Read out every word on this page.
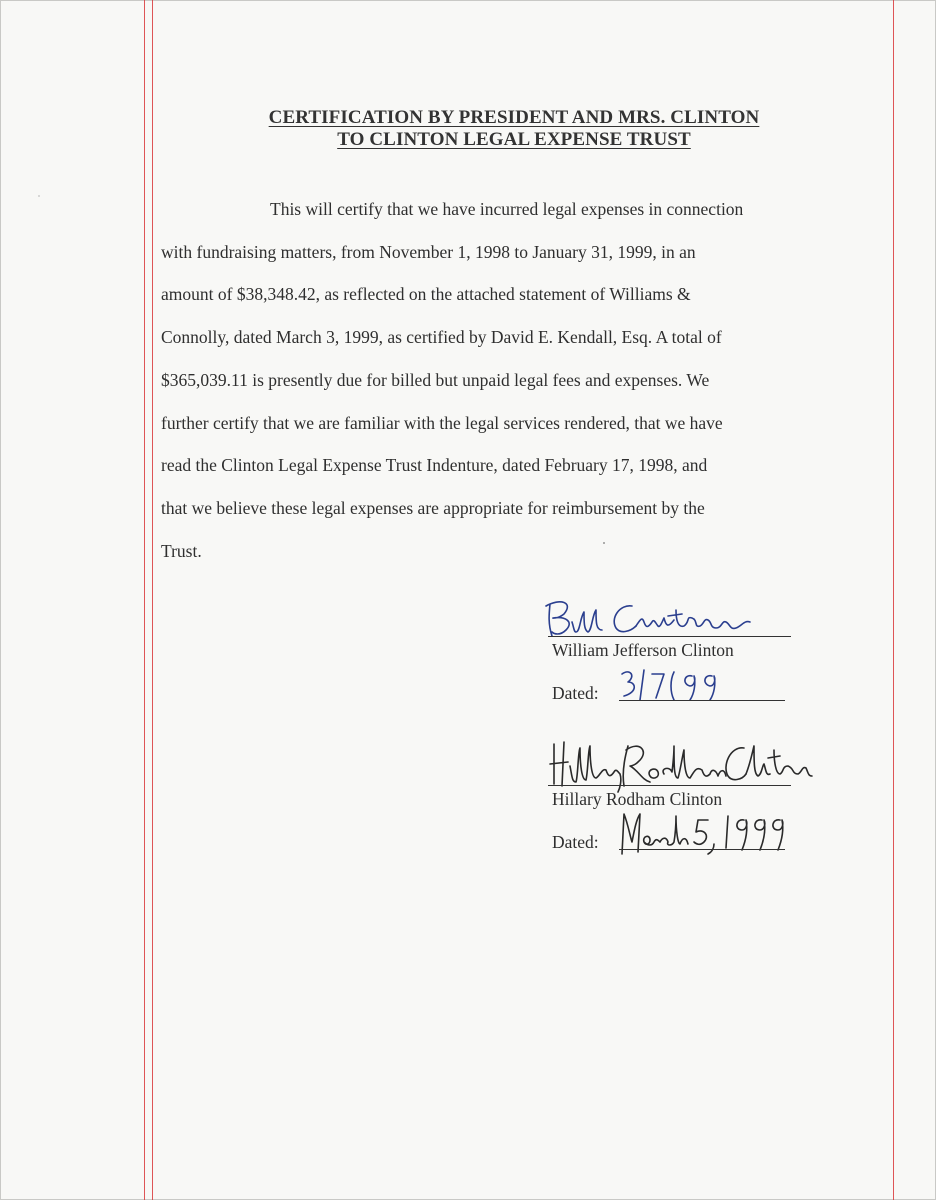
CERTIFICATION BY PRESIDENT AND MRS. CLINTON
TO CLINTON LEGAL EXPENSE TRUST
This will certify that we have incurred legal expenses in connection
with fundraising matters, from November 1, 1998 to January 31, 1999, in an
amount of $38,348.42, as reflected on the attached statement of Williams &
Connolly, dated March 3, 1999, as certified by David E. Kendall, Esq. A total of
$365,039.11 is presently due for billed but unpaid legal fees and expenses. We
further certify that we are familiar with the legal services rendered, that we have
read the Clinton Legal Expense Trust Indenture, dated February 17, 1998, and
that we believe these legal expenses are appropriate for reimbursement by the
Trust.
William Jefferson Clinton
Dated:
Hillary Rodham Clinton
Dated:
